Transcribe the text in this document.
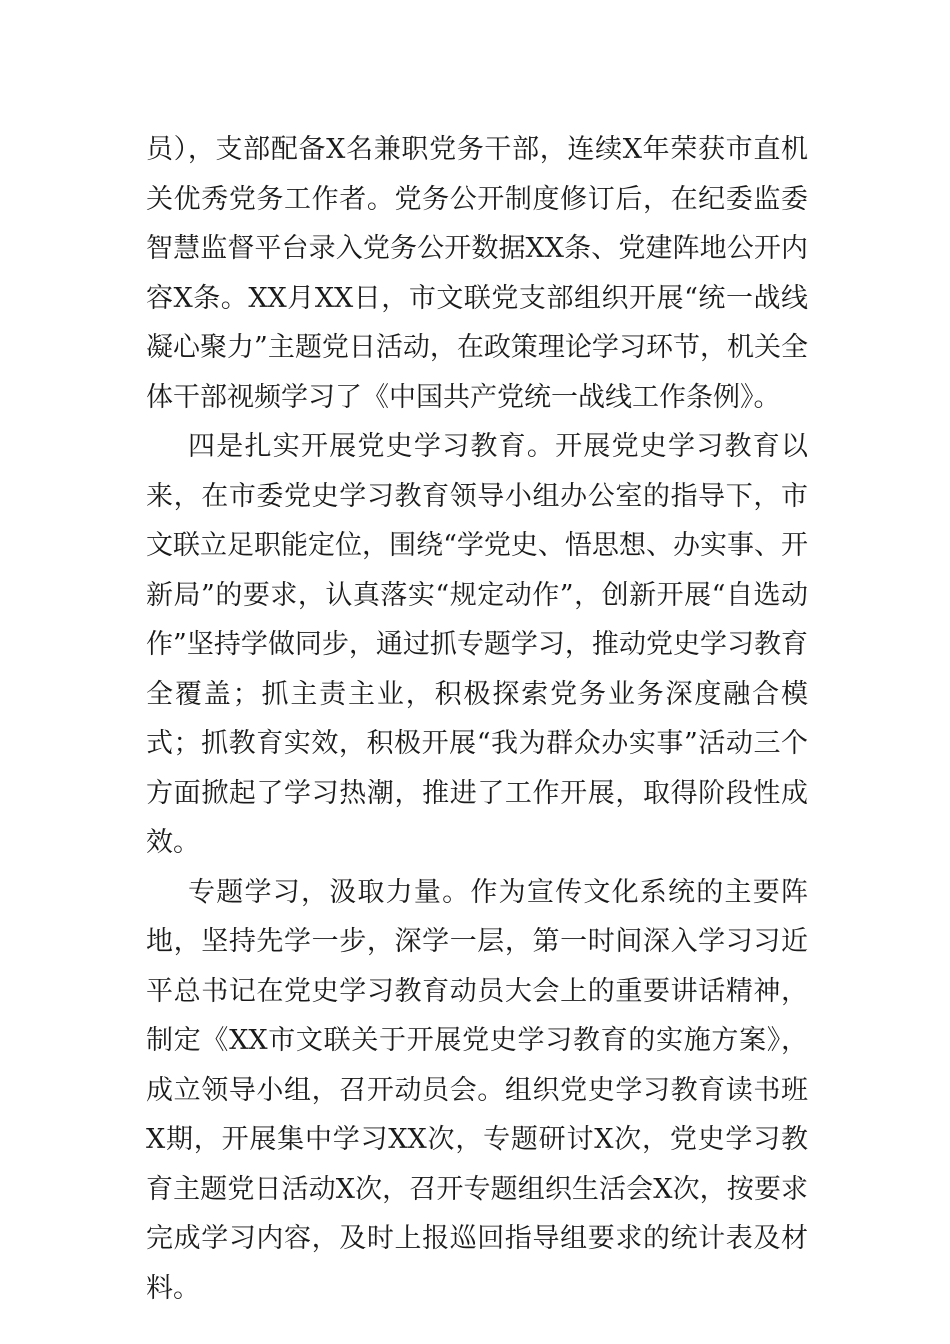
员），支部配备X名兼职党务干部，连续X年荣获市直机关优秀党务工作者。党务公开制度修订后，在纪委监委智慧监督平台录入党务公开数据XX条、党建阵地公开内容X条。XX月XX日，市文联党支部组织开展“统一战线凝心聚力”主题党日活动，在政策理论学习环节，机关全体干部视频学习了《中国共产党统一战线工作条例》。

四是扎实开展党史学习教育。开展党史学习教育以来，在市委党史学习教育领导小组办公室的指导下，市文联立足职能定位，围绕“学党史、悟思想、办实事、开新局”的要求，认真落实“规定动作”，创新开展“自选动作”坚持学做同步，通过抓专题学习，推动党史学习教育全覆盖；抓主责主业，积极探索党务业务深度融合模式；抓教育实效，积极开展“我为群众办实事”活动三个方面掀起了学习热潮，推进了工作开展，取得阶段性成效。

专题学习，汲取力量。作为宣传文化系统的主要阵地，坚持先学一步，深学一层，第一时间深入学习习近平总书记在党史学习教育动员大会上的重要讲话精神，制定《XX市文联关于开展党史学习教育的实施方案》，成立领导小组，召开动员会。组织党史学习教育读书班X期，开展集中学习XX次，专题研讨X次，党史学习教育主题党日活动X次，召开专题组织生活会X次，按要求完成学习内容，及时上报巡回指导组要求的统计表及材料。
